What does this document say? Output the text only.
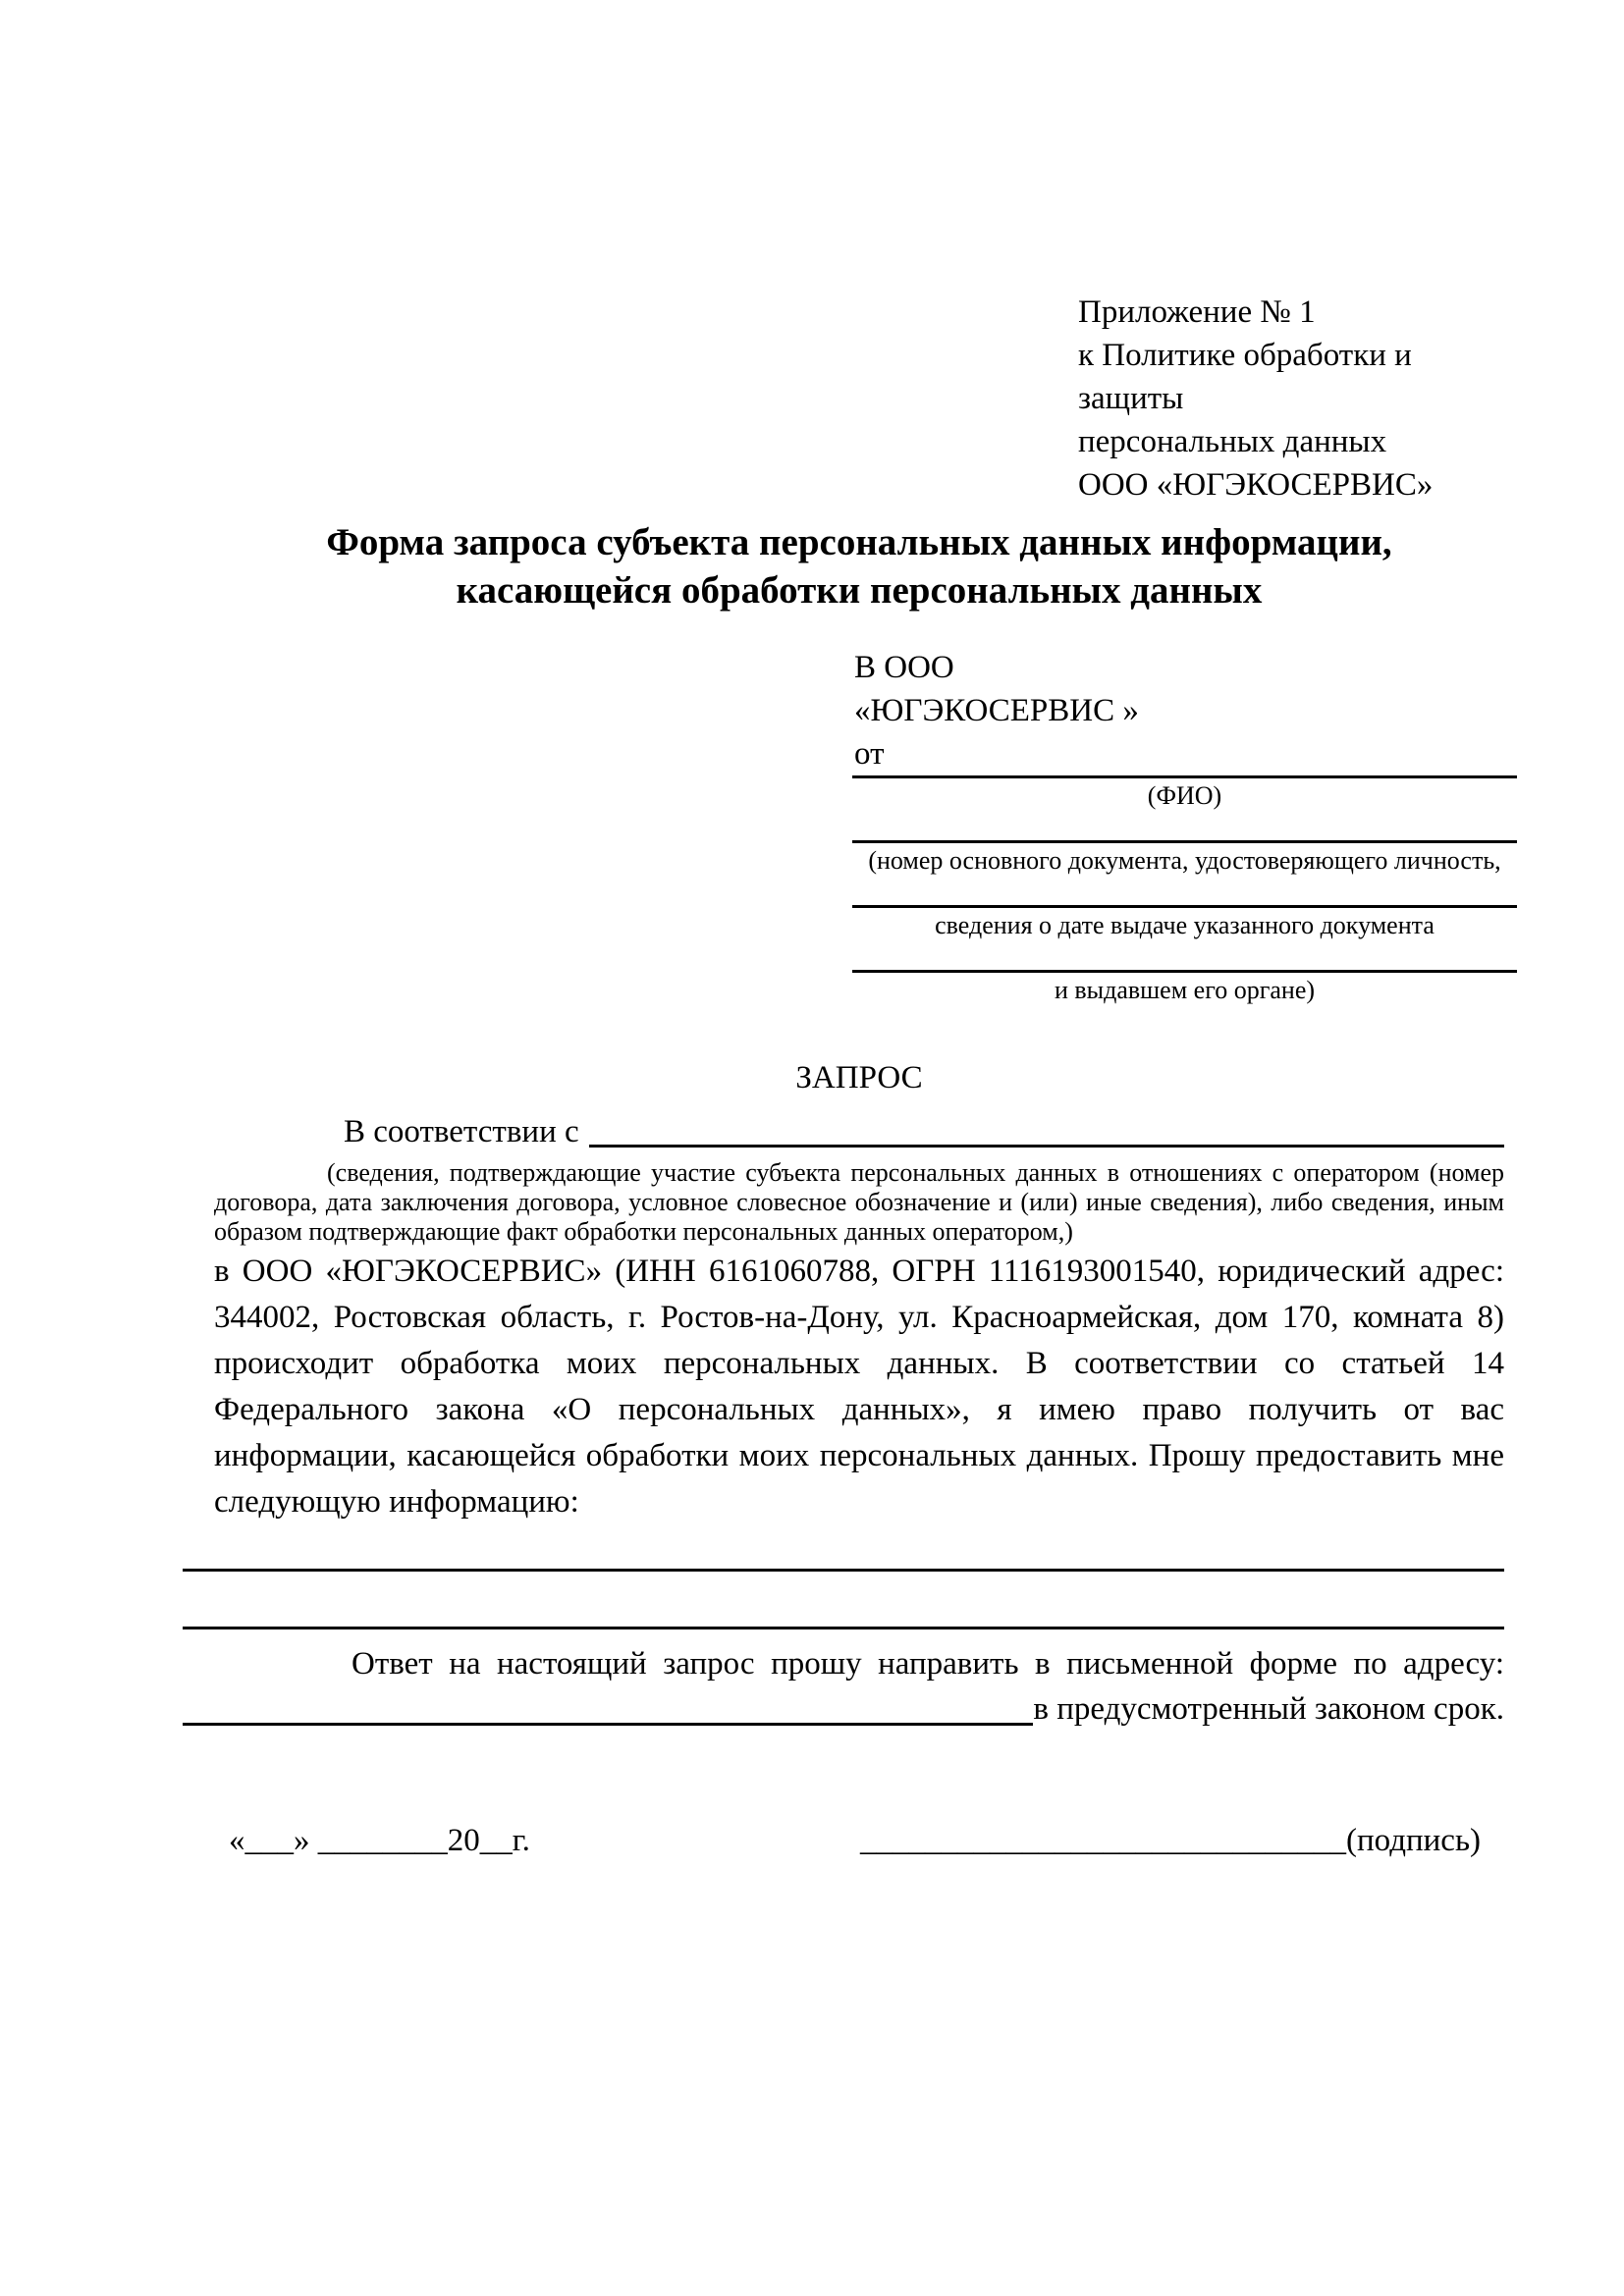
Приложение № 1
к Политике обработки и защиты
персональных данных
ООО «ЮГЭКОСЕРВИС»
Форма запроса субъекта персональных данных информации,
касающейся обработки персональных данных
В ООО
«ЮГЭКОСЕРВИС »
от
(ФИО)
(номер основного документа, удостоверяющего личность,
сведения о дате выдаче указанного документа
и выдавшем его органе)
ЗАПРОС
В соответствии с

(сведения, подтверждающие участие субъекта персональных данных в отношениях с оператором (номер договора, дата заключения договора, условное словесное обозначение и (или) иные сведения), либо сведения, иным образом подтверждающие факт обработки персональных данных оператором,)

в ООО «ЮГЭКОСЕРВИС» (ИНН 6161060788, ОГРН 1116193001540, юридический адрес: 344002, Ростовская область, г. Ростов-на-Дону, ул. Красноармейская, дом 170, комната 8) происходит обработка моих персональных данных. В соответствии со статьей 14 Федерального закона «О персональных данных», я имею право получить от вас информации, касающейся обработки моих персональных данных. Прошу предоставить мне следующую информацию:

Ответ на настоящий запрос прошу направить в письменной форме по адресу:

в предусмотренный законом срок.
«___» ________20__г.	______________________________(подпись)
